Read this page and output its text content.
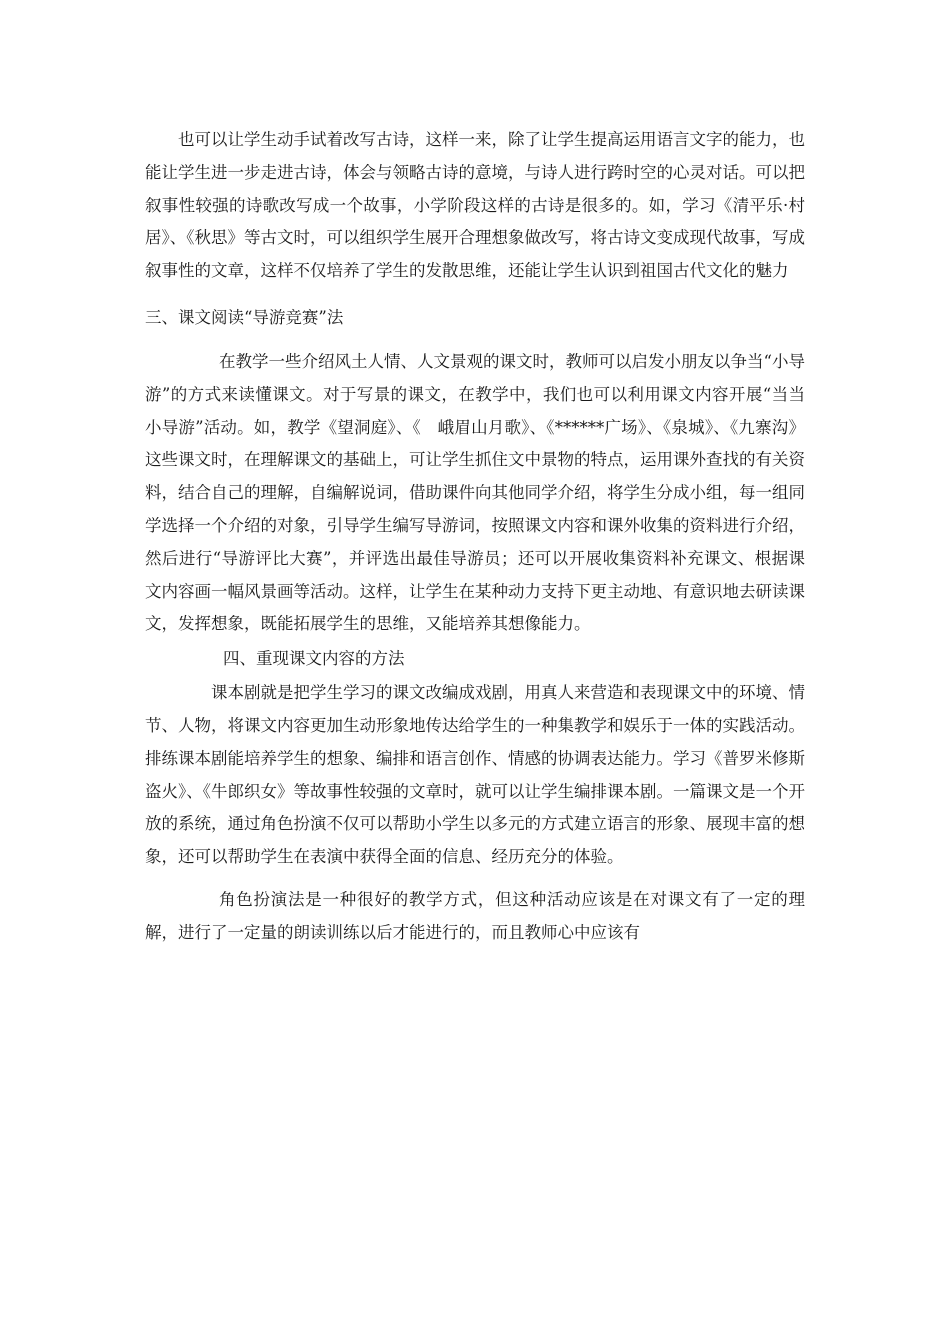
也可以让学生动手试着改写古诗，这样一来，除了让学生提高运用语言文字的能力，也能让学生进一步走进古诗，体会与领略古诗的意境，与诗人进行跨时空的心灵对话。可以把叙事性较强的诗歌改写成一个故事，小学阶段这样的古诗是很多的。如，学习《清平乐·村居》、《秋思》等古文时，可以组织学生展开合理想象做改写，将古诗文变成现代故事，写成叙事性的文章，这样不仅培养了学生的发散思维，还能让学生认识到祖国古代文化的魅力

三、课文阅读“导游竞赛”法

在教学一些介绍风土人情、人文景观的课文时，教师可以启发小朋友以争当“小导游”的方式来读懂课文。对于写景的课文，在教学中，我们也可以利用课文内容开展“当当小导游”活动。如，教学《望洞庭》、《　峨眉山月歌》、《******广场》、《泉城》、《九寨沟》这些课文时，在理解课文的基础上，可让学生抓住文中景物的特点，运用课外查找的有关资料，结合自己的理解，自编解说词，借助课件向其他同学介绍，将学生分成小组，每一组同学选择一个介绍的对象，引导学生编写导游词，按照课文内容和课外收集的资料进行介绍，然后进行“导游评比大赛”，并评选出最佳导游员；还可以开展收集资料补充课文、根据课文内容画一幅风景画等活动。这样，让学生在某种动力支持下更主动地、有意识地去研读课文，发挥想象，既能拓展学生的思维，又能培养其想像能力。

四、重现课文内容的方法

课本剧就是把学生学习的课文改编成戏剧，用真人来营造和表现课文中的环境、情节、人物，将课文内容更加生动形象地传达给学生的一种集教学和娱乐于一体的实践活动。排练课本剧能培养学生的想象、编排和语言创作、情感的协调表达能力。学习《普罗米修斯盗火》、《牛郎织女》等故事性较强的文章时，就可以让学生编排课本剧。一篇课文是一个开放的系统，通过角色扮演不仅可以帮助小学生以多元的方式建立语言的形象、展现丰富的想象，还可以帮助学生在表演中获得全面的信息、经历充分的体验。

角色扮演法是一种很好的教学方式，但这种活动应该是在对课文有了一定的理解，进行了一定量的朗读训练以后才能进行的，而且教师心中应该有
